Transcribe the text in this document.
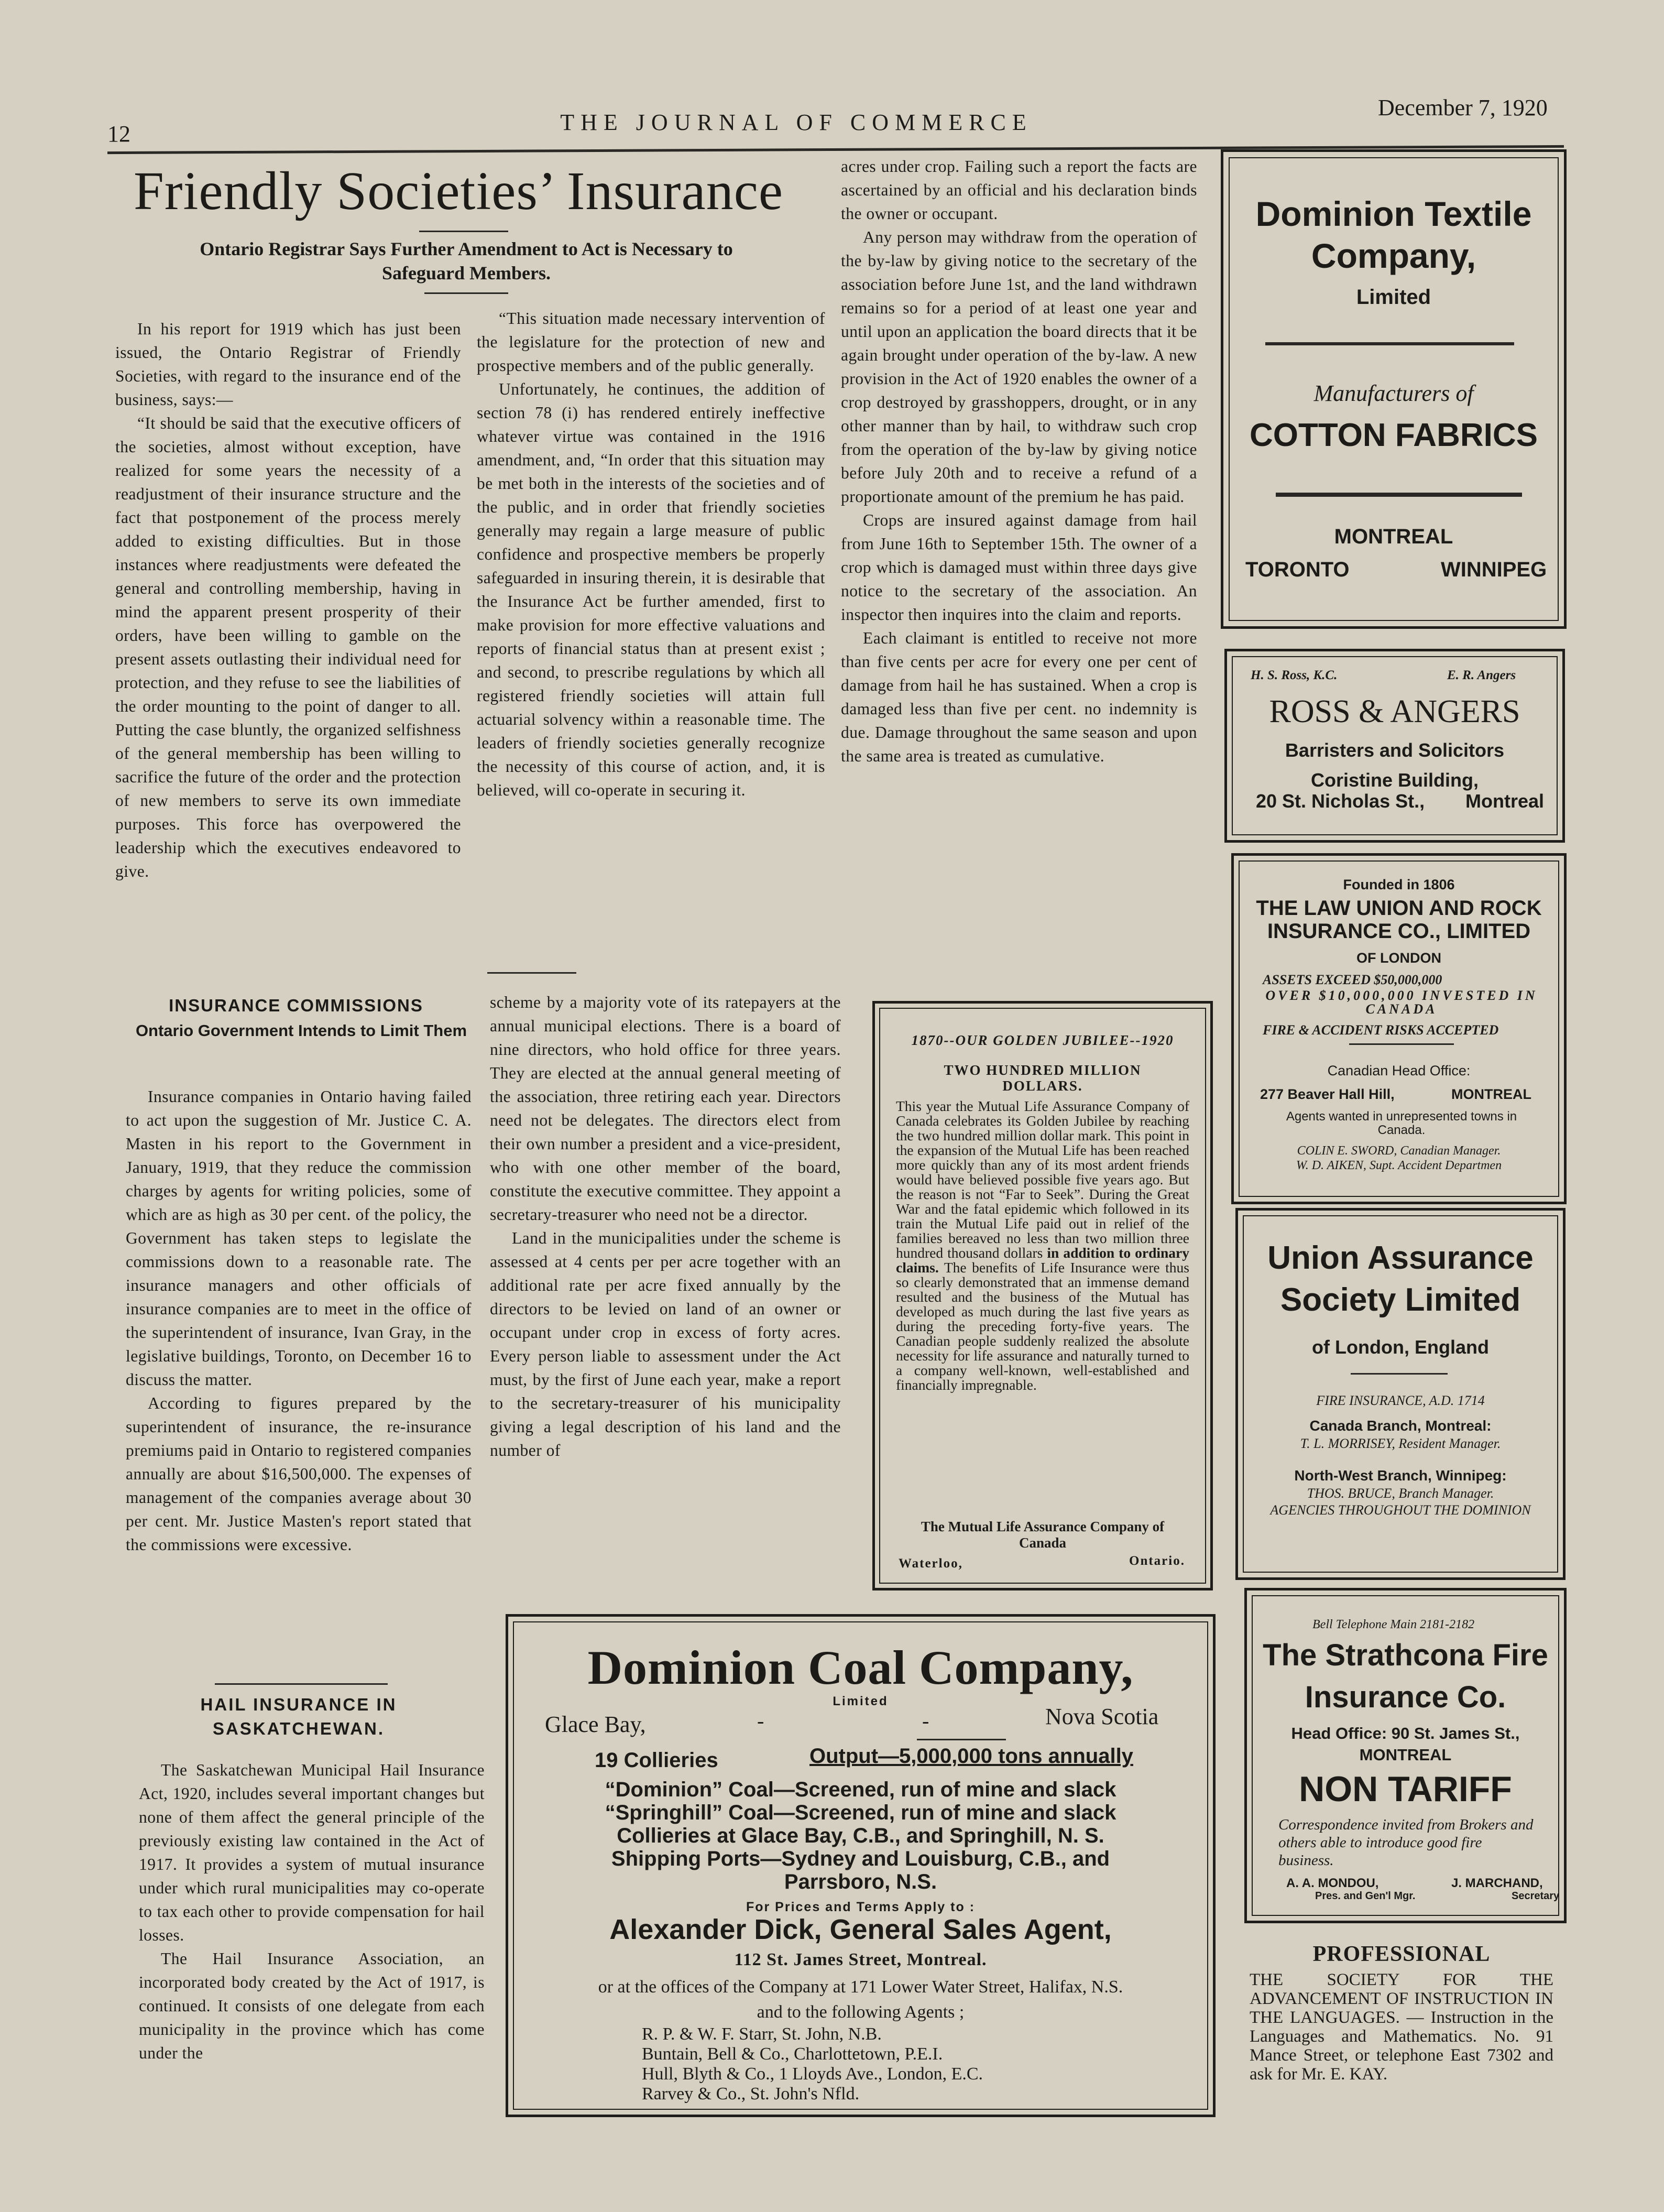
12	THE JOURNAL OF COMMERCE
December 7, 1920
Friendly Societies’ Insurance
Ontario Registrar Says Further Amendment to Act is Necessary to
Safeguard Members.

In his report for 1919 which has just been issued, the Ontario Registrar of Friendly Societies, with regard to the insurance end of the business, says:—

“It should be said that the executive officers of the societies, almost without exception, have realized for some years the necessity of a readjustment of their insurance structure and the fact that postponement of the process merely added to existing difficulties. But in those instances where readjustments were defeated the general and controlling membership, having in mind the apparent present prosperity of their orders, have been willing to gamble on the present assets outlasting their individual need for protection, and they refuse to see the liabilities of the order mounting to the point of danger to all. Putting the case bluntly, the organized selfishness of the general membership has been willing to sacrifice the future of the order and the protection of new members to serve its own immediate purposes. This force has overpowered the leadership which the executives endeavored to give.

“This situation made necessary intervention of the legislature for the protection of new and prospective members and of the public generally.

Unfortunately, he continues, the addition of section 78 (i) has rendered entirely ineffective whatever virtue was contained in the 1916 amendment, and, “In order that this situation may be met both in the interests of the societies and of the public, and in order that friendly societies generally may regain a large measure of public confidence and prospective members be properly safeguarded in insuring therein, it is desirable that the Insurance Act be further amended, first to make provision for more effective valuations and reports of financial status than at present exist ; and second, to prescribe regulations by which all registered friendly societies will attain full actuarial solvency within a reasonable time. The leaders of friendly societies generally recognize the necessity of this course of action, and, it is believed, will co-operate in securing it.

INSURANCE COMMISSIONS
Ontario Government Intends to Limit Them

Insurance companies in Ontario having failed to act upon the suggestion of Mr. Justice C. A. Masten in his report to the Government in January, 1919, that they reduce the commission charges by agents for writing policies, some of which are as high as 30 per cent. of the policy, the Government has taken steps to legislate the commissions down to a reasonable rate. The insurance managers and other officials of insurance companies are to meet in the office of the superintendent of insurance, Ivan Gray, in the legislative buildings, Toronto, on December 16 to discuss the matter.

According to figures prepared by the superintendent of insurance, the re-insurance premiums paid in Ontario to registered companies annually are about $16,500,000. The expenses of management of the companies average about 30 per cent. Mr. Justice Masten's report stated that the commissions were excessive.

HAIL INSURANCE IN SASKATCHEWAN.

The Saskatchewan Municipal Hail Insurance Act, 1920, includes several important changes but none of them affect the general principle of the previously existing law contained in the Act of 1917. It provides a system of mutual insurance under which rural municipalities may co-operate to tax each other to provide compensation for hail losses.

The Hail Insurance Association, an incorporated body created by the Act of 1917, is continued. It consists of one delegate from each municipality in the province which has come under the

scheme by a majority vote of its ratepayers at the annual municipal elections. There is a board of nine directors, who hold office for three years. They are elected at the annual general meeting of the association, three retiring each year. Directors need not be delegates. The directors elect from their own number a president and a vice-president, who with one other member of the board, constitute the executive committee. They appoint a secretary-treasurer who need not be a director.

Land in the municipalities under the scheme is assessed at 4 cents per per acre together with an additional rate per acre fixed annually by the directors to be levied on land of an owner or occupant under crop in excess of forty acres. Every person liable to assessment under the Act must, by the first of June each year, make a report to the secretary-treasurer of his municipality giving a legal description of his land and the number of

acres under crop. Failing such a report the facts are ascertained by an official and his declaration binds the owner or occupant.

Any person may withdraw from the operation of the by-law by giving notice to the secretary of the association before June 1st, and the land withdrawn remains so for a period of at least one year and until upon an application the board directs that it be again brought under operation of the by-law. A new provision in the Act of 1920 enables the owner of a crop destroyed by grasshoppers, drought, or in any other manner than by hail, to withdraw such crop from the operation of the by-law by giving notice before July 20th and to receive a refund of a proportionate amount of the premium he has paid.

Crops are insured against damage from hail from June 16th to September 15th. The owner of a crop which is damaged must within three days give notice to the secretary of the association. An inspector then inquires into the claim and reports.

Each claimant is entitled to receive not more than five cents per acre for every one per cent of damage from hail he has sustained. When a crop is damaged less than five per cent. no indemnity is due. Damage throughout the same season and upon the same area is treated as cumulative.

1870--OUR GOLDEN JUBILEE--1920
TWO HUNDRED MILLION DOLLARS.
This year the Mutual Life Assurance Company of Canada celebrates its Golden Jubilee by reaching the two hundred million dollar mark. This point in the expansion of the Mutual Life has been reached more quickly than any of its most ardent friends would have believed possible five years ago. But the reason is not “Far to Seek”. During the Great War and the fatal epidemic which followed in its train the Mutual Life paid out in relief of the families bereaved no less than two million three hundred thousand dollars in addition to ordinary claims. The benefits of Life Insurance were thus so clearly demonstrated that an immense demand resulted and the business of the Mutual has developed as much during the last five years as during the preceding forty-five years. The Canadian people suddenly realized the absolute necessity for life assurance and naturally turned to a company well-known, well-established and financially impregnable.
The Mutual Life Assurance Company of Canada
Waterloo,	Ontario.
Dominion Coal Company,
Limited
Glace Bay,	-	-	Nova Scotia
19 Collieries	Output—5,000,000 tons annually
“Dominion” Coal—Screened, run of mine and slack
“Springhill” Coal—Screened, run of mine and slack
Collieries at Glace Bay, C.B., and Springhill, N. S.
Shipping Ports—Sydney and Louisburg, C.B., and
Parrsboro, N.S.
For Prices and Terms Apply to :
Alexander Dick, General Sales Agent,
112 St. James Street, Montreal.
or at the offices of the Company at 171 Lower Water Street, Halifax, N.S.
and to the following Agents ;
R. P. & W. F. Starr, St. John, N.B.
Buntain, Bell & Co., Charlottetown, P.E.I.
Hull, Blyth & Co., 1 Lloyds Ave., London, E.C.
Rarvey & Co., St. John's Nfld.
Dominion Textile
Company,
Limited
Manufacturers of
COTTON FABRICS
MONTREAL
TORONTO	WINNIPEG
H. S. Ross, K.C.	E. R. Angers
ROSS & ANGERS
Barristers and Solicitors
Coristine Building,
20 St. Nicholas St., Montreal
Founded in 1806
THE LAW UNION AND ROCK
INSURANCE CO., LIMITED
OF LONDON
ASSETS EXCEED $50,000,000
OVER $10,000,000 INVESTED IN CANADA
FIRE & ACCIDENT RISKS ACCEPTED
Canadian Head Office:
277 Beaver Hall Hill,	MONTREAL
Agents wanted in unrepresented towns in Canada.
COLIN E. SWORD, Canadian Manager.
W. D. AIKEN, Supt. Accident Departmen
Union Assurance
Society Limited
of London, England
FIRE INSURANCE, A.D. 1714
Canada Branch, Montreal:
T. L. MORRISEY, Resident Manager.
North-West Branch, Winnipeg:
THOS. BRUCE, Branch Manager.
AGENCIES THROUGHOUT THE DOMINION
Bell Telephone Main 2181-2182
The Strathcona Fire
Insurance Co.
Head Office: 90 St. James St.,
MONTREAL
NON TARIFF
Correspondence invited from Brokers and others able to introduce good fire business.
A. A. MONDOU,
Pres. and Gen'l Mgr.
J. MARCHAND,
Secretary
PROFESSIONAL
THE SOCIETY FOR THE ADVANCEMENT OF INSTRUCTION IN THE LANGUAGES. — Instruction in the Languages and Mathematics. No. 91 Mance Street, or telephone East 7302 and ask for Mr. E. KAY.
